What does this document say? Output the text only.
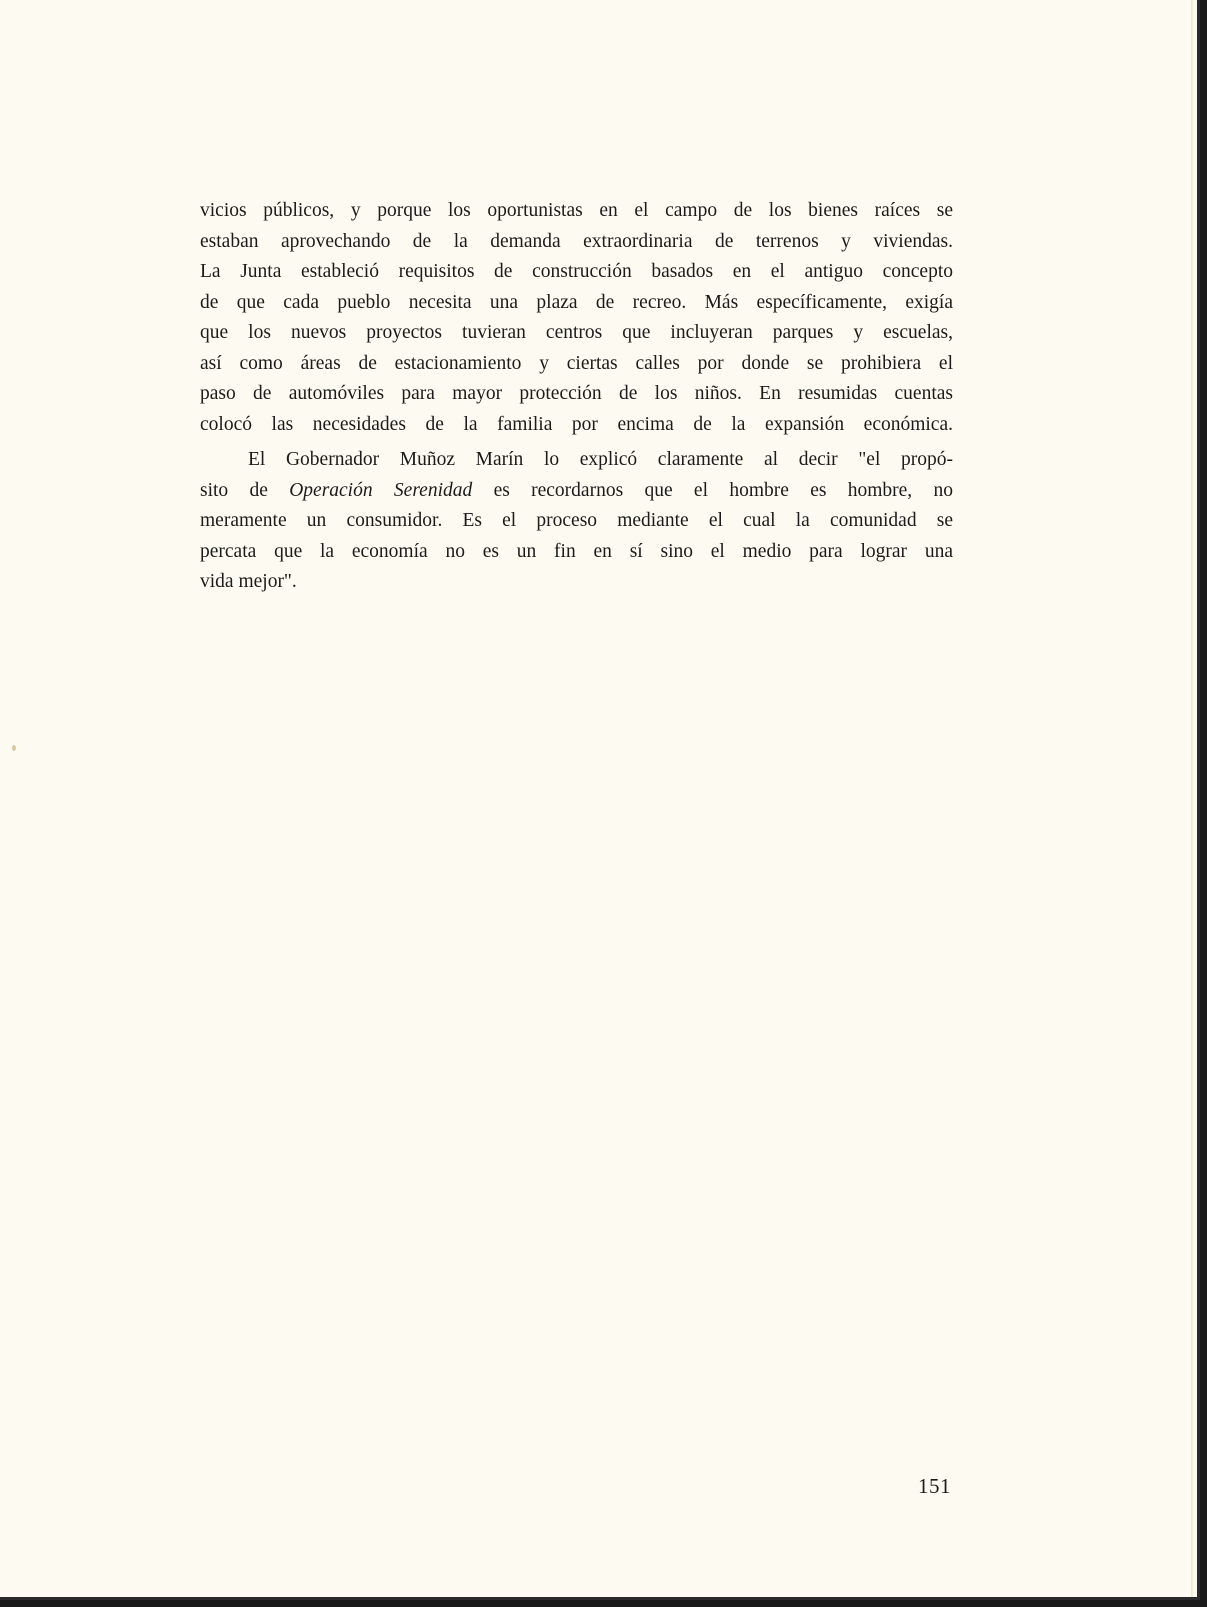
vicios públicos, y porque los oportunistas en el campo de los bienes raíces se
estaban aprovechando de la demanda extraordinaria de terrenos y viviendas.
La Junta estableció requisitos de construcción basados en el antiguo concepto
de que cada pueblo necesita una plaza de recreo. Más específicamente, exigía
que los nuevos proyectos tuvieran centros que incluyeran parques y escuelas,
así como áreas de estacionamiento y ciertas calles por donde se prohibiera el
paso de automóviles para mayor protección de los niños. En resumidas cuentas
colocó las necesidades de la familia por encima de la expansión económica.
El Gobernador Muñoz Marín lo explicó claramente al decir "el propó-
sito de Operación Serenidad es recordarnos que el hombre es hombre, no
meramente un consumidor. Es el proceso mediante el cual la comunidad se
percata que la economía no es un fin en sí sino el medio para lograr una
vida mejor".
151
